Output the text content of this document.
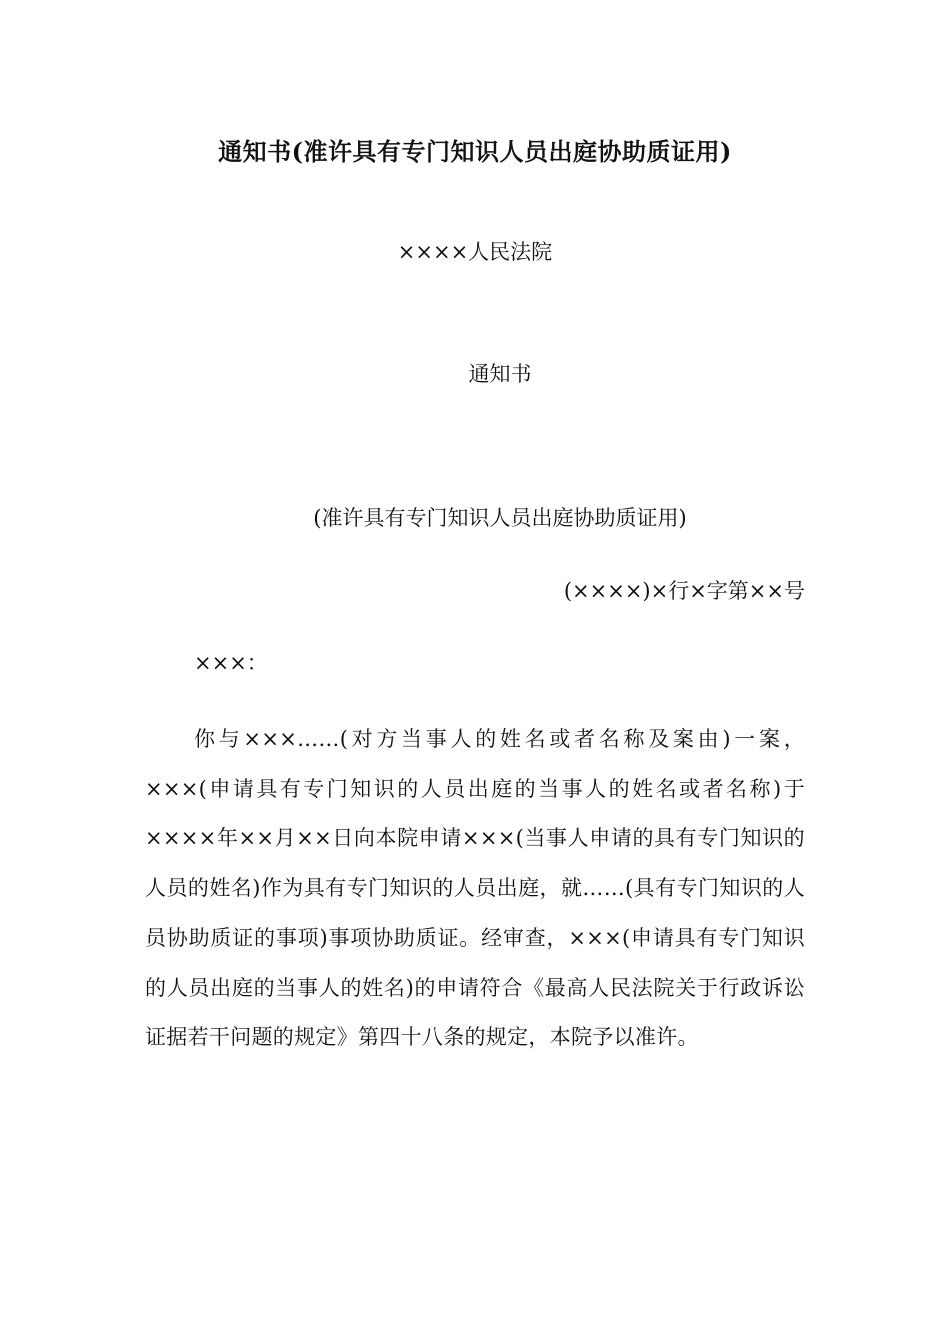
通知书(准许具有专门知识人员出庭协助质证用)
××××人民法院
通知书
(准许具有专门知识人员出庭协助质证用)
(××××)×行×字第××号
×××：

你与×××……(对方当事人的姓名或者名称及案由)一案，×××(申请具有专门知识的人员出庭的当事人的姓名或者名称)于××××年××月××日向本院申请×××(当事人申请的具有专门知识的人员的姓名)作为具有专门知识的人员出庭，就……(具有专门知识的人员协助质证的事项)事项协助质证。经审查，×××(申请具有专门知识的人员出庭的当事人的姓名)的申请符合《最高人民法院关于行政诉讼证据若干问题的规定》第四十八条的规定，本院予以准许。
